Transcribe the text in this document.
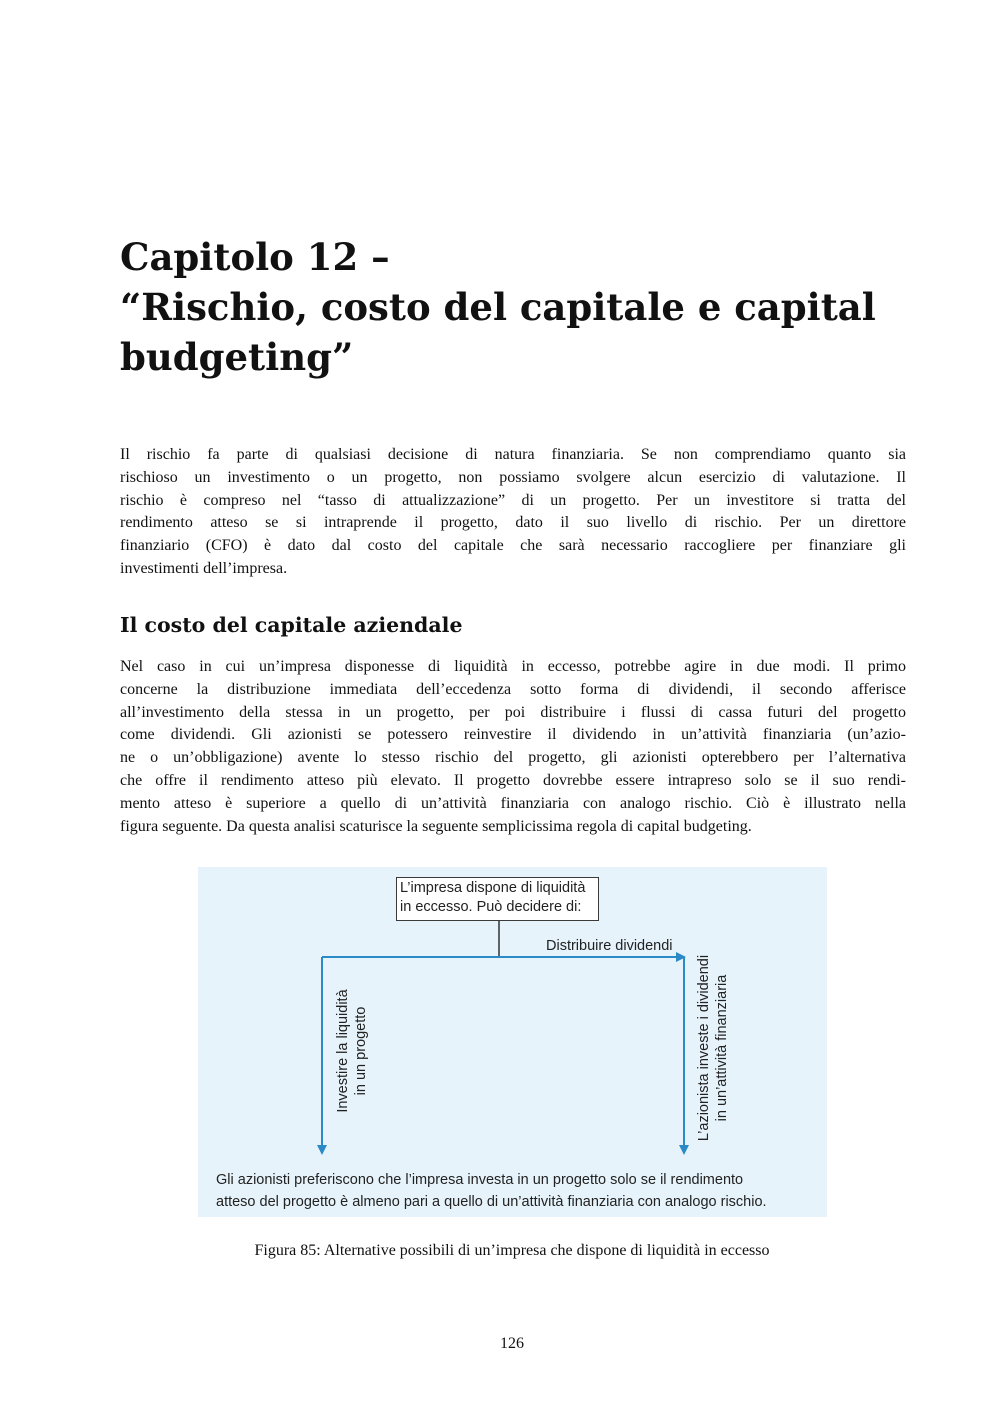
Capitolo 12 –
“Rischio, costo del capitale e capital
budgeting”

Il rischio fa parte di qualsiasi decisione di natura finanziaria. Se non comprendiamo quanto sia
rischioso un investimento o un progetto, non possiamo svolgere alcun esercizio di valutazione. Il
rischio è compreso nel “tasso di attualizzazione” di un progetto. Per un investitore si tratta del
rendimento atteso se si intraprende il progetto, dato il suo livello di rischio. Per un direttore
finanziario (CFO) è dato dal costo del capitale che sarà necessario raccogliere per finanziare gli
investimenti dell’impresa.

Il costo del capitale aziendale

Nel caso in cui un’impresa disponesse di liquidità in eccesso, potrebbe agire in due modi. Il primo
concerne la distribuzione immediata dell’eccedenza sotto forma di dividendi, il secondo afferisce
all’investimento della stessa in un progetto, per poi distribuire i flussi di cassa futuri del progetto
come dividendi. Gli azionisti se potessero reinvestire il dividendo in un’attività finanziaria (un’azio-
ne o un’obbligazione) avente lo stesso rischio del progetto, gli azionisti opterebbero per l’alternativa
che offre il rendimento atteso più elevato. Il progetto dovrebbe essere intrapreso solo se il suo rendi-
mento atteso è superiore a quello di un’attività finanziaria con analogo rischio. Ciò è illustrato nella
figura seguente. Da questa analisi scaturisce la seguente semplicissima regola di capital budgeting.

L’impresa dispone di liquidità
in eccesso. Può decidere di:
Distribuire dividendi
Investire la liquidità in un progetto	L’azionista investe i dividendi in un’attività finanziaria
Gli azionisti preferiscono che l’impresa investa in un progetto solo se il rendimento
atteso del progetto è almeno pari a quello di un’attività finanziaria con analogo rischio.

Figura 85: Alternative possibili di un’impresa che dispone di liquidità in eccesso

126
